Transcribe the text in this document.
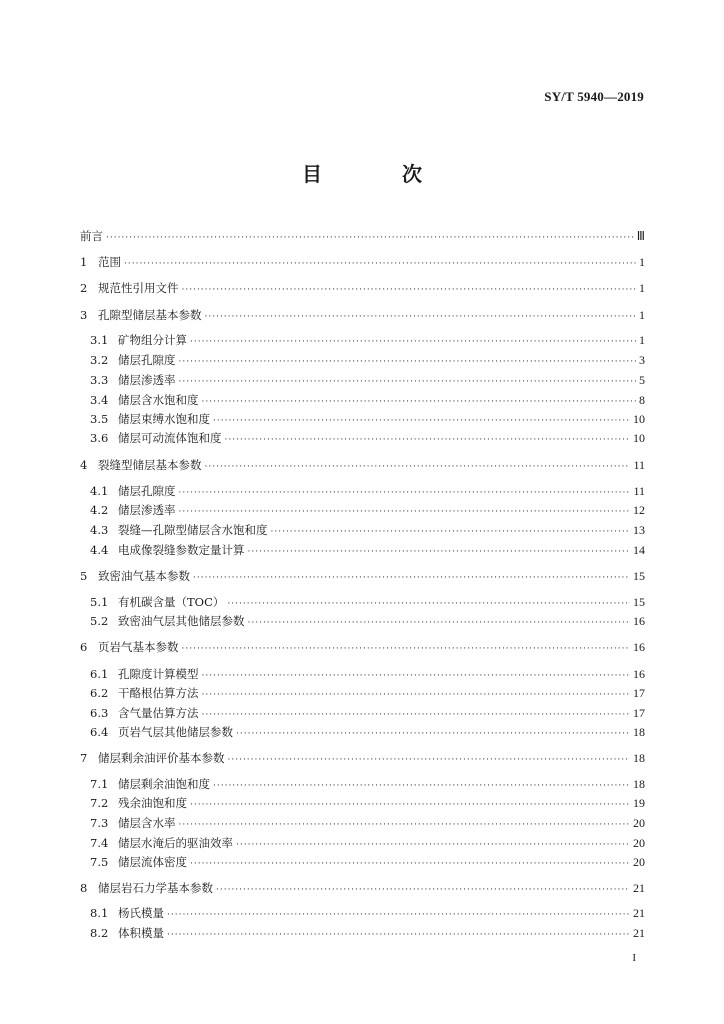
SY/T 5940—2019
目　次
前言 ·····	Ⅲ
1 范围 ·····	1
2 规范性引用文件 ·····	1
3 孔隙型储层基本参数 ·····	1
3.1 矿物组分计算 ·····	1
3.2 储层孔隙度 ·····	3
3.3 储层渗透率 ·····	5
3.4 储层含水饱和度 ·····	8
3.5 储层束缚水饱和度 ·····	10
3.6 储层可动流体饱和度 ·····	10
4 裂缝型储层基本参数 ·····	11
4.1 储层孔隙度 ·····	11
4.2 储层渗透率 ·····	12
4.3 裂缝—孔隙型储层含水饱和度 ·····	13
4.4 电成像裂缝参数定量计算 ·····	14
5 致密油气基本参数 ·····	15
5.1 有机碳含量（TOC） ·····	15
5.2 致密油气层其他储层参数 ·····	16
6 页岩气基本参数 ·····	16
6.1 孔隙度计算模型 ·····	16
6.2 干酪根估算方法 ·····	17
6.3 含气量估算方法 ·····	17
6.4 页岩气层其他储层参数 ·····	18
7 储层剩余油评价基本参数 ·····	18
7.1 储层剩余油饱和度 ·····	18
7.2 残余油饱和度 ·····	19
7.3 储层含水率 ·····	20
7.4 储层水淹后的驱油效率 ·····	20
7.5 储层流体密度 ·····	20
8 储层岩石力学基本参数 ·····	21
8.1 杨氏模量 ·····	21
8.2 体积模量 ·····	21
I
